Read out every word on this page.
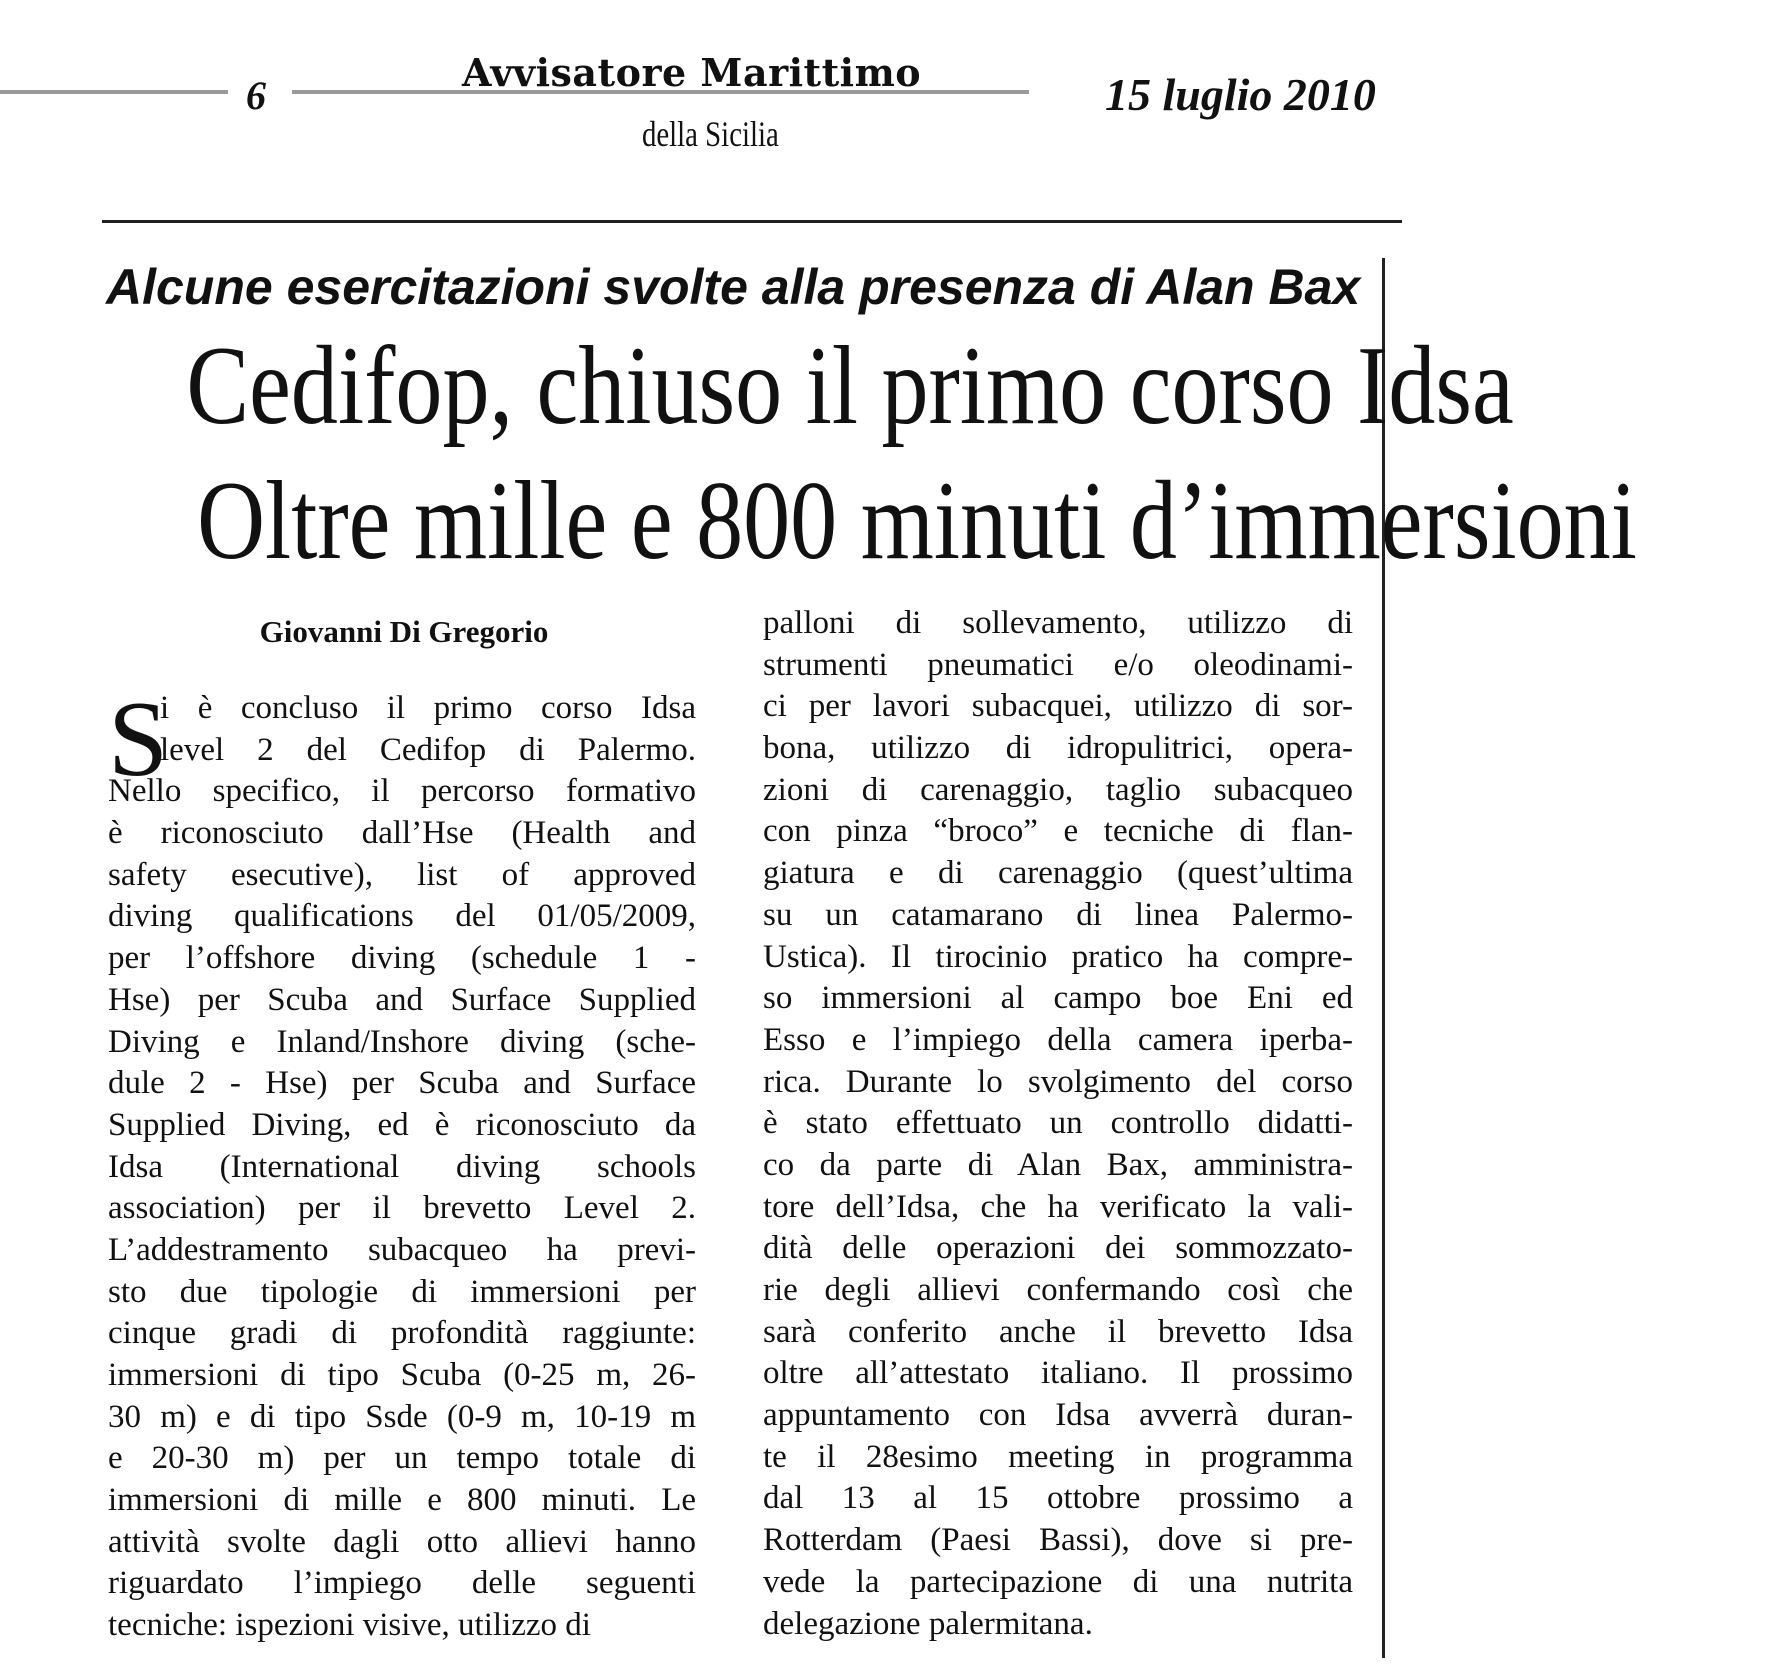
6
Avvisatore Marittimo
della Sicilia
15 luglio 2010
Alcune esercitazioni svolte alla presenza di Alan Bax
Cedifop, chiuso il primo corso Idsa
Oltre mille e 800 minuti d’immersioni
Giovanni Di Gregorio
S
i è concluso il primo corso Idsa
level 2 del Cedifop di Palermo.
Nello specifico, il percorso formativo
è riconosciuto dall’Hse (Health and
safety esecutive), list of approved
diving qualifications del 01/05/2009,
per l’offshore diving (schedule 1 -
Hse) per Scuba and Surface Supplied
Diving e Inland/Inshore diving (sche-
dule 2 - Hse) per Scuba and Surface
Supplied Diving, ed è riconosciuto da
Idsa (International diving schools
association) per il brevetto Level 2.
L’addestramento subacqueo ha previ-
sto due tipologie di immersioni per
cinque gradi di profondità raggiunte:
immersioni di tipo Scuba (0-25 m, 26-
30 m) e di tipo Ssde (0-9 m, 10-19 m
e 20-30 m) per un tempo totale di
immersioni di mille e 800 minuti. Le
attività svolte dagli otto allievi hanno
riguardato l’impiego delle seguenti
tecniche: ispezioni visive, utilizzo di
palloni di sollevamento, utilizzo di
strumenti pneumatici e/o oleodinami-
ci per lavori subacquei, utilizzo di sor-
bona, utilizzo di idropulitrici, opera-
zioni di carenaggio, taglio subacqueo
con pinza “broco” e tecniche di flan-
giatura e di carenaggio (quest’ultima
su un catamarano di linea Palermo-
Ustica). Il tirocinio pratico ha compre-
so immersioni al campo boe Eni ed
Esso e l’impiego della camera iperba-
rica. Durante lo svolgimento del corso
è stato effettuato un controllo didatti-
co da parte di Alan Bax, amministra-
tore dell’Idsa, che ha verificato la vali-
dità delle operazioni dei sommozzato-
rie degli allievi confermando così che
sarà conferito anche il brevetto Idsa
oltre all’attestato italiano. Il prossimo
appuntamento con Idsa avverrà duran-
te il 28esimo meeting in programma
dal 13 al 15 ottobre prossimo a
Rotterdam (Paesi Bassi), dove si pre-
vede la partecipazione di una nutrita
delegazione palermitana.
